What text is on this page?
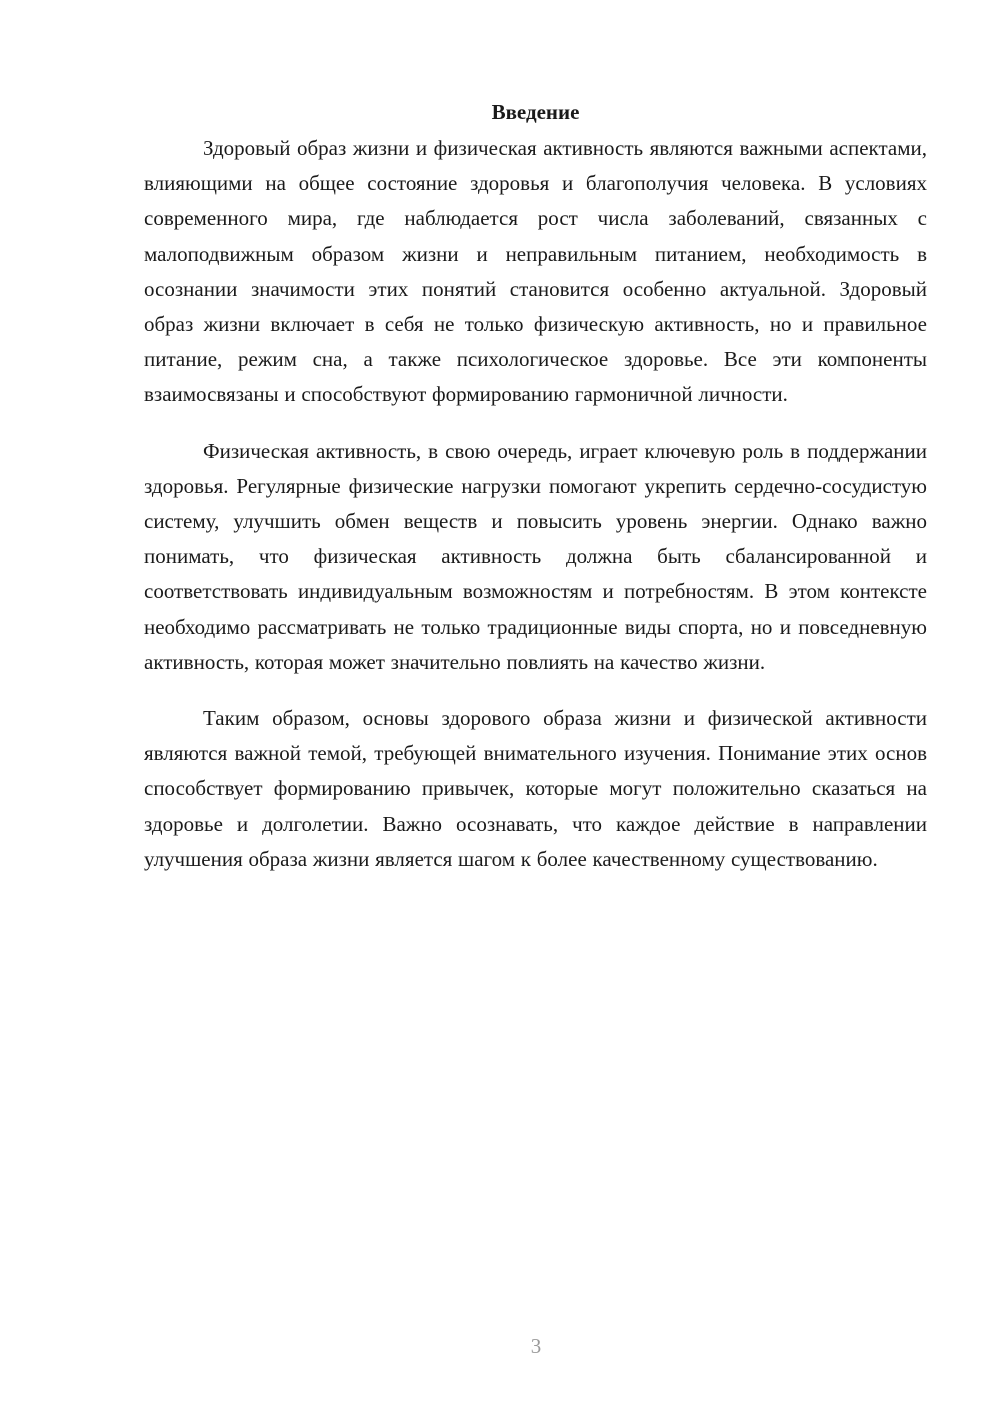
Введение

Здоровый образ жизни и физическая активность являются важными аспектами, влияющими на общее состояние здоровья и благополучия человека. В условиях современного мира, где наблюдается рост числа заболеваний, связанных с малоподвижным образом жизни и неправильным питанием, необходимость в осознании значимости этих понятий становится особенно актуальной. Здоровый образ жизни включает в себя не только физическую активность, но и правильное питание, режим сна, а также психологическое здоровье. Все эти компоненты взаимосвязаны и способствуют формированию гармоничной личности.

Физическая активность, в свою очередь, играет ключевую роль в поддержании здоровья. Регулярные физические нагрузки помогают укрепить сердечно-сосудистую систему, улучшить обмен веществ и повысить уровень энергии. Однако важно понимать, что физическая активность должна быть сбалансированной и соответствовать индивидуальным возможностям и потребностям. В этом контексте необходимо рассматривать не только традиционные виды спорта, но и повседневную активность, которая может значительно повлиять на качество жизни.

Таким образом, основы здорового образа жизни и физической активности являются важной темой, требующей внимательного изучения. Понимание этих основ способствует формированию привычек, которые могут положительно сказаться на здоровье и долголетии. Важно осознавать, что каждое действие в направлении улучшения образа жизни является шагом к более качественному существованию.

3
